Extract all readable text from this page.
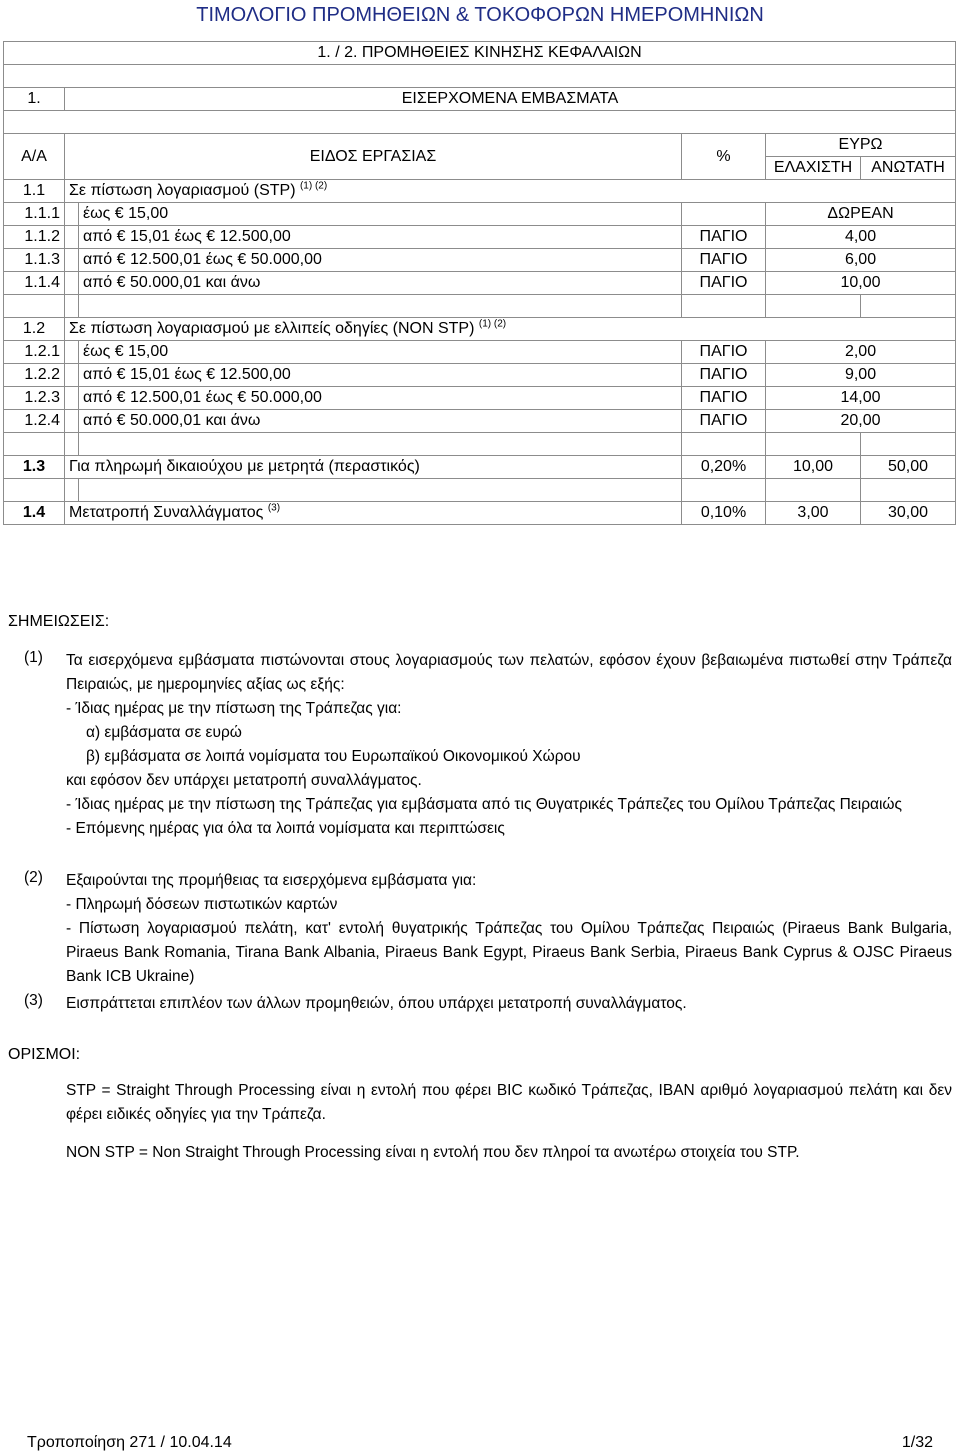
ΤΙΜΟΛΟΓΙΟ ΠΡΟΜΗΘΕΙΩΝ & ΤΟΚΟΦΟΡΩΝ ΗΜΕΡΟΜΗΝΙΩΝ
1. / 2. ΠΡΟΜΗΘΕΙΕΣ ΚΙΝΗΣΗΣ ΚΕΦΑΛΑΙΩΝ					

1.	ΕΙΣΕΡΧΟΜΕΝΑ ΕΜΒΑΣΜΑΤΑ				

Α/Α	ΕΙΔΟΣ ΕΡΓΑΣΙΑΣ		%	ΕΥΡΩ	
				ΕΛΑΧΙΣΤΗ	ΑΝΩΤΑΤΗ
1.1	Σε πίστωση λογαριασμού (STP) $^{(1) (2)}$
1.1.1		έως € 15,00		ΔΩΡΕΑΝ	
1.1.2		από € 15,01 έως € 12.500,00	ΠΑΓΙΟ	4,00	
1.1.3		από € 12.500,01 έως € 50.000,00	ΠΑΓΙΟ	6,00	
1.1.4		από € 50.000,01 και άνω	ΠΑΓΙΟ	10,00	

1.2	Σε πίστωση λογαριασμού με ελλιπείς οδηγίες (NON STP) $^{(1) (2)}$
1.2.1		έως € 15,00	ΠΑΓΙΟ	2,00	
1.2.2		από € 15,01 έως € 12.500,00	ΠΑΓΙΟ	9,00	
1.2.3		από € 12.500,01 έως € 50.000,00	ΠΑΓΙΟ	14,00	
1.2.4		από € 50.000,01 και άνω	ΠΑΓΙΟ	20,00	

1.3	Για πληρωμή δικαιούχου με μετρητά (περαστικός)		0,20%	10,00	50,00

1.4	Μετατροπή Συναλλάγματος $^{(3)}$		0,10%	3,00	30,00
ΣΗΜΕΙΩΣΕΙΣ:
(1) Τα εισερχόμενα εμβάσματα πιστώνονται στους λογαριασμούς των πελατών, εφόσον έχουν βεβαιωμένα πιστωθεί στην Τράπεζα Πειραιώς, με ημερομηνίες αξίας ως εξής:
- Ίδιας ημέρας με την πίστωση της Τράπεζας για:
α) εμβάσματα σε ευρώ
β) εμβάσματα σε λοιπά νομίσματα του Ευρωπαϊκού Οικονομικού Χώρου
και εφόσον δεν υπάρχει μετατροπή συναλλάγματος.
- Ίδιας ημέρας με την πίστωση της Τράπεζας για εμβάσματα από τις Θυγατρικές Τράπεζες του Ομίλου Τράπεζας Πειραιώς
- Επόμενης ημέρας για όλα τα λοιπά νομίσματα και περιπτώσεις
(2) Εξαιρούνται της προμήθειας τα εισερχόμενα εμβάσματα για:
- Πληρωμή δόσεων πιστωτικών καρτών
- Πίστωση λογαριασμού πελάτη, κατ' εντολή θυγατρικής Τράπεζας του Ομίλου Τράπεζας Πειραιώς (Piraeus Bank Bulgaria, Piraeus Bank Romania, Tirana Bank Albania, Piraeus Bank Egypt, Piraeus Bank Serbia, Piraeus Bank Cyprus & OJSC Piraeus Bank ICB Ukraine)
(3) Εισπράττεται επιπλέον των άλλων προμηθειών, όπου υπάρχει μετατροπή συναλλάγματος.
ΟΡΙΣΜΟΙ:
STP = Straight Through Processing είναι η εντολή που φέρει BIC κωδικό Τράπεζας, IBAN αριθμό λογαριασμού πελάτη και δεν φέρει ειδικές οδηγίες για την Τράπεζα.
NON STP = Non Straight Through Processing είναι η εντολή που δεν πληροί τα ανωτέρω στοιχεία του STP.
Τροποποίηση 271 / 10.04.14	1/32
